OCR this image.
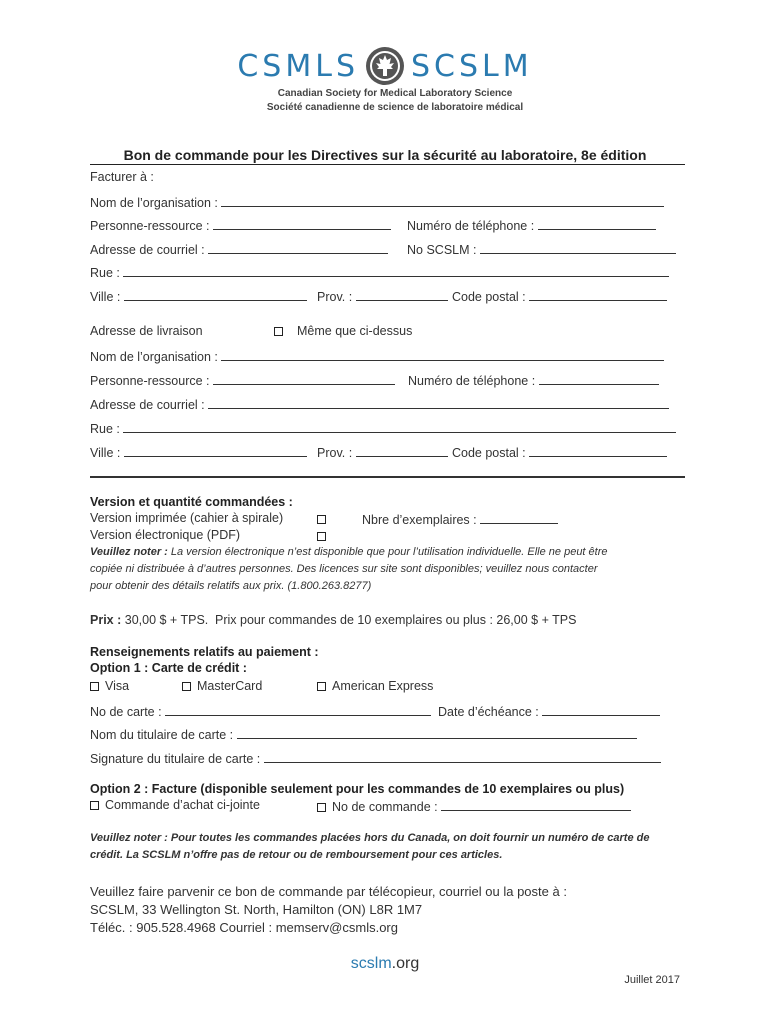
CSMLS SCSLM
Canadian Society for Medical Laboratory Science
Société canadienne de science de laboratoire médical
Bon de commande pour les Directives sur la sécurité au laboratoire, 8e édition
Facturer à :
Nom de l’organisation :
Personne-ressource :	Numéro de téléphone :
Adresse de courriel :	No SCSLM :
Rue :
Ville :	Prov. :	Code postal :
Adresse de livraison	Même que ci-dessus
Nom de l’organisation :
Personne-ressource :	Numéro de téléphone :
Adresse de courriel :
Rue :
Ville :	Prov. :	Code postal :
Version et quantité commandées :
Version imprimée (cahier à spirale)	Nbre d’exemplaires :
Version électronique (PDF)
Veuillez noter : La version électronique n’est disponible que pour l’utilisation individuelle. Elle ne peut être
copiée ni distribuée à d’autres personnes. Des licences sur site sont disponibles; veuillez nous contacter
pour obtenir des détails relatifs aux prix. (1.800.263.8277)
Prix : 30,00 $ + TPS. Prix pour commandes de 10 exemplaires ou plus : 26,00 $ + TPS
Renseignements relatifs au paiement :
Option 1 : Carte de crédit :
Visa	MasterCard	American Express
No de carte :	Date d’échéance :
Nom du titulaire de carte :
Signature du titulaire de carte :
Option 2 : Facture (disponible seulement pour les commandes de 10 exemplaires ou plus)
Commande d’achat ci-jointe	No de commande :
Veuillez noter : Pour toutes les commandes placées hors du Canada, on doit fournir un numéro de carte de
crédit. La SCSLM n’offre pas de retour ou de remboursement pour ces articles.
Veuillez faire parvenir ce bon de commande par télécopieur, courriel ou la poste à :
SCSLM, 33 Wellington St. North, Hamilton (ON) L8R 1M7
Téléc. : 905.528.4968 Courriel : memserv@csmls.org
scslm.org
Juillet 2017
